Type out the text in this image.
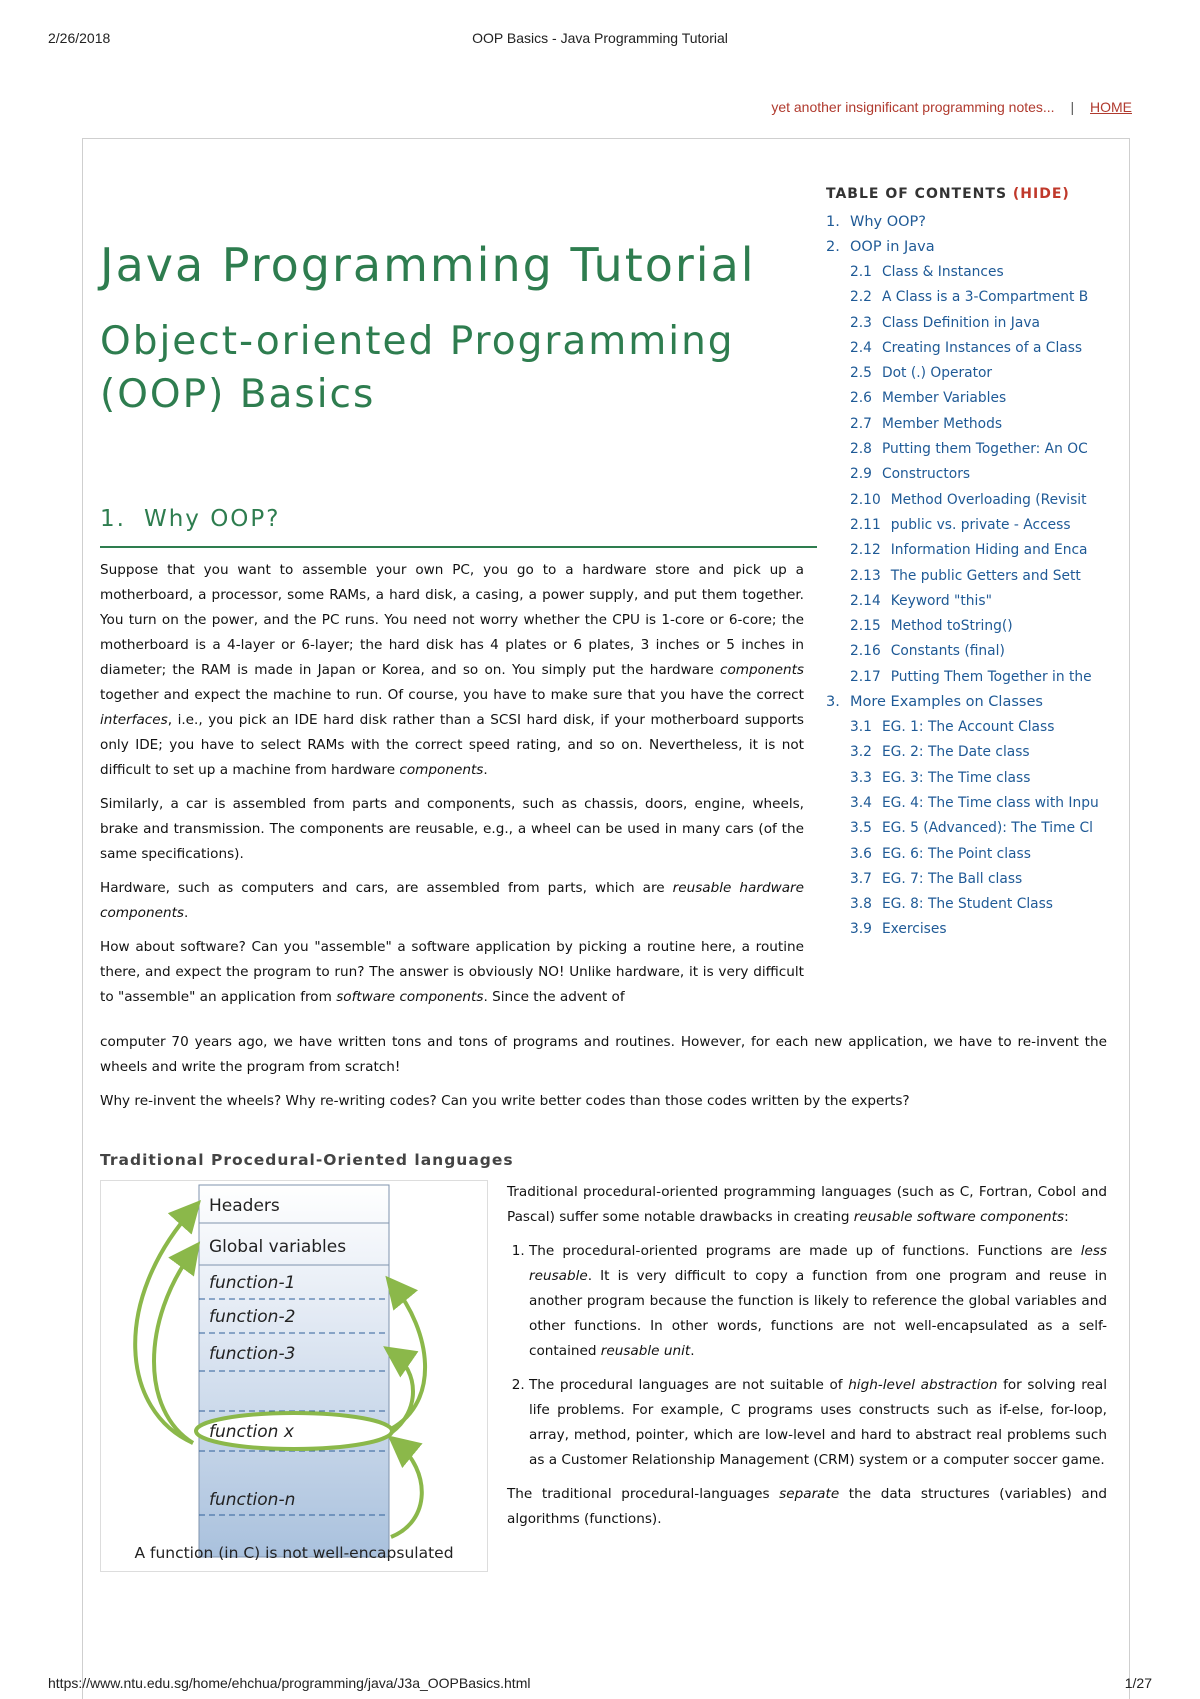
2/26/2018	OOP Basics - Java Programming Tutorial
yet another insignificant programming notes... | HOME
Java Programming Tutorial
Object-oriented Programming (OOP) Basics
TABLE OF CONTENTS (HIDE)
1. Why OOP?
2. OOP in Java
2.1 Class & Instances
2.2 A Class is a 3-Compartment B
2.3 Class Definition in Java
2.4 Creating Instances of a Class
2.5 Dot (.) Operator
2.6 Member Variables
2.7 Member Methods
2.8 Putting them Together: An OC
2.9 Constructors
2.10 Method Overloading (Revisit
2.11 public vs. private - Access
2.12 Information Hiding and Enca
2.13 The public Getters and Sett
2.14 Keyword "this"
2.15 Method toString()
2.16 Constants (final)
2.17 Putting Them Together in the
3. More Examples on Classes
3.1 EG. 1: The Account Class
3.2 EG. 2: The Date class
3.3 EG. 3: The Time class
3.4 EG. 4: The Time class with Inpu
3.5 EG. 5 (Advanced): The Time Cl
3.6 EG. 6: The Point class
3.7 EG. 7: The Ball class
3.8 EG. 8: The Student Class
3.9 Exercises
1. Why OOP?

Suppose that you want to assemble your own PC, you go to a hardware store and pick up a motherboard, a processor, some RAMs, a hard disk, a casing, a power supply, and put them together. You turn on the power, and the PC runs. You need not worry whether the CPU is 1-core or 6-core; the motherboard is a 4-layer or 6-layer; the hard disk has 4 plates or 6 plates, 3 inches or 5 inches in diameter; the RAM is made in Japan or Korea, and so on. You simply put the hardware components together and expect the machine to run. Of course, you have to make sure that you have the correct interfaces, i.e., you pick an IDE hard disk rather than a SCSI hard disk, if your motherboard supports only IDE; you have to select RAMs with the correct speed rating, and so on. Nevertheless, it is not difficult to set up a machine from hardware components.

Similarly, a car is assembled from parts and components, such as chassis, doors, engine, wheels, brake and transmission. The components are reusable, e.g., a wheel can be used in many cars (of the same specifications).

Hardware, such as computers and cars, are assembled from parts, which are reusable hardware components.

How about software? Can you "assemble" a software application by picking a routine here, a routine there, and expect the program to run? The answer is obviously NO! Unlike hardware, it is very difficult to "assemble" an application from software components. Since the advent of

computer 70 years ago, we have written tons and tons of programs and routines. However, for each new application, we have to re-invent the wheels and write the program from scratch!

Why re-invent the wheels? Why re-writing codes? Can you write better codes than those codes written by the experts?

Traditional Procedural-Oriented languages
Headers
Global variables
function-1
function-2
function-3
function x
function-n
A function (in C) is not well-encapsulated

Traditional procedural-oriented programming languages (such as C, Fortran, Cobol and Pascal) suffer some notable drawbacks in creating reusable software components:

1. The procedural-oriented programs are made up of functions. Functions are less reusable. It is very difficult to copy a function from one program and reuse in another program because the function is likely to reference the global variables and other functions. In other words, functions are not well-encapsulated as a self-contained reusable unit.
2. The procedural languages are not suitable of high-level abstraction for solving real life problems. For example, C programs uses constructs such as if-else, for-loop, array, method, pointer, which are low-level and hard to abstract real problems such as a Customer Relationship Management (CRM) system or a computer soccer game.

The traditional procedural-languages separate the data structures (variables) and algorithms (functions).

https://www.ntu.edu.sg/home/ehchua/programming/java/J3a_OOPBasics.html	1/27
